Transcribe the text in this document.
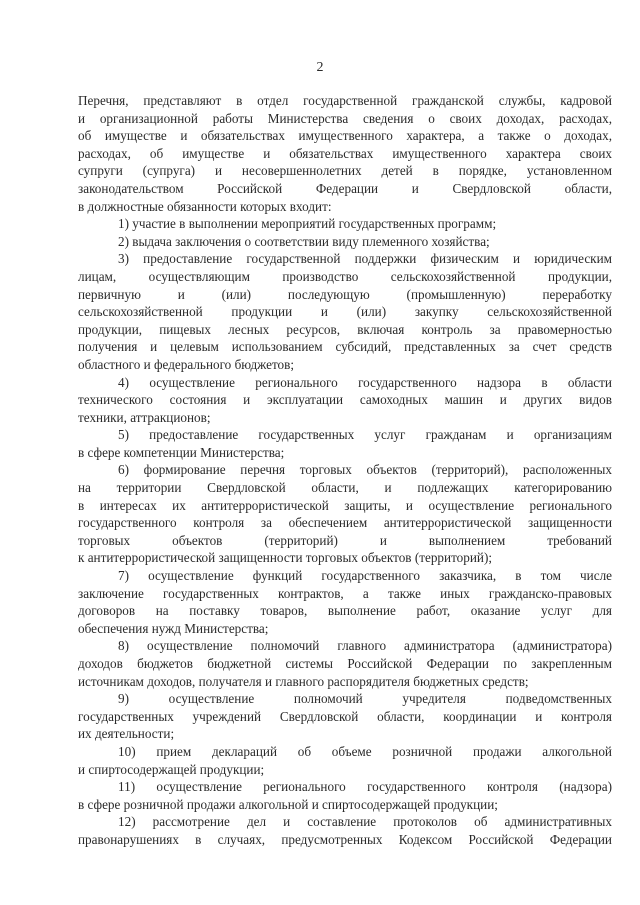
2
Перечня, представляют в отдел государственной гражданской службы, кадровой
и организационной работы Министерства сведения о своих доходах, расходах,
об имуществе и обязательствах имущественного характера, а также о доходах,
расходах, об имуществе и обязательствах имущественного характера своих
супруги (супруга) и несовершеннолетних детей в порядке, установленном
законодательством Российской Федерации и Свердловской области,
в должностные обязанности которых входит:
1) участие в выполнении мероприятий государственных программ;
2) выдача заключения о соответствии виду племенного хозяйства;
3) предоставление государственной поддержки физическим и юридическим
лицам, осуществляющим производство сельскохозяйственной продукции,
первичную и (или) последующую (промышленную) переработку
сельскохозяйственной продукции и (или) закупку сельскохозяйственной
продукции, пищевых лесных ресурсов, включая контроль за правомерностью
получения и целевым использованием субсидий, представленных за счет средств
областного и федерального бюджетов;
4) осуществление регионального государственного надзора в области
технического состояния и эксплуатации самоходных машин и других видов
техники, аттракционов;
5) предоставление государственных услуг гражданам и организациям
в сфере компетенции Министерства;
6) формирование перечня торговых объектов (территорий), расположенных
на территории Свердловской области, и подлежащих категорированию
в интересах их антитеррористической защиты, и осуществление регионального
государственного контроля за обеспечением антитеррористической защищенности
торговых объектов (территорий) и выполнением требований
к антитеррористической защищенности торговых объектов (территорий);
7) осуществление функций государственного заказчика, в том числе
заключение государственных контрактов, а также иных гражданско-правовых
договоров на поставку товаров, выполнение работ, оказание услуг для
обеспечения нужд Министерства;
8) осуществление полномочий главного администратора (администратора)
доходов бюджетов бюджетной системы Российской Федерации по закрепленным
источникам доходов, получателя и главного распорядителя бюджетных средств;
9) осуществление полномочий учредителя подведомственных
государственных учреждений Свердловской области, координации и контроля
их деятельности;
10) прием деклараций об объеме розничной продажи алкогольной
и спиртосодержащей продукции;
11) осуществление регионального государственного контроля (надзора)
в сфере розничной продажи алкогольной и спиртосодержащей продукции;
12) рассмотрение дел и составление протоколов об административных
правонарушениях в случаях, предусмотренных Кодексом Российской Федерации
